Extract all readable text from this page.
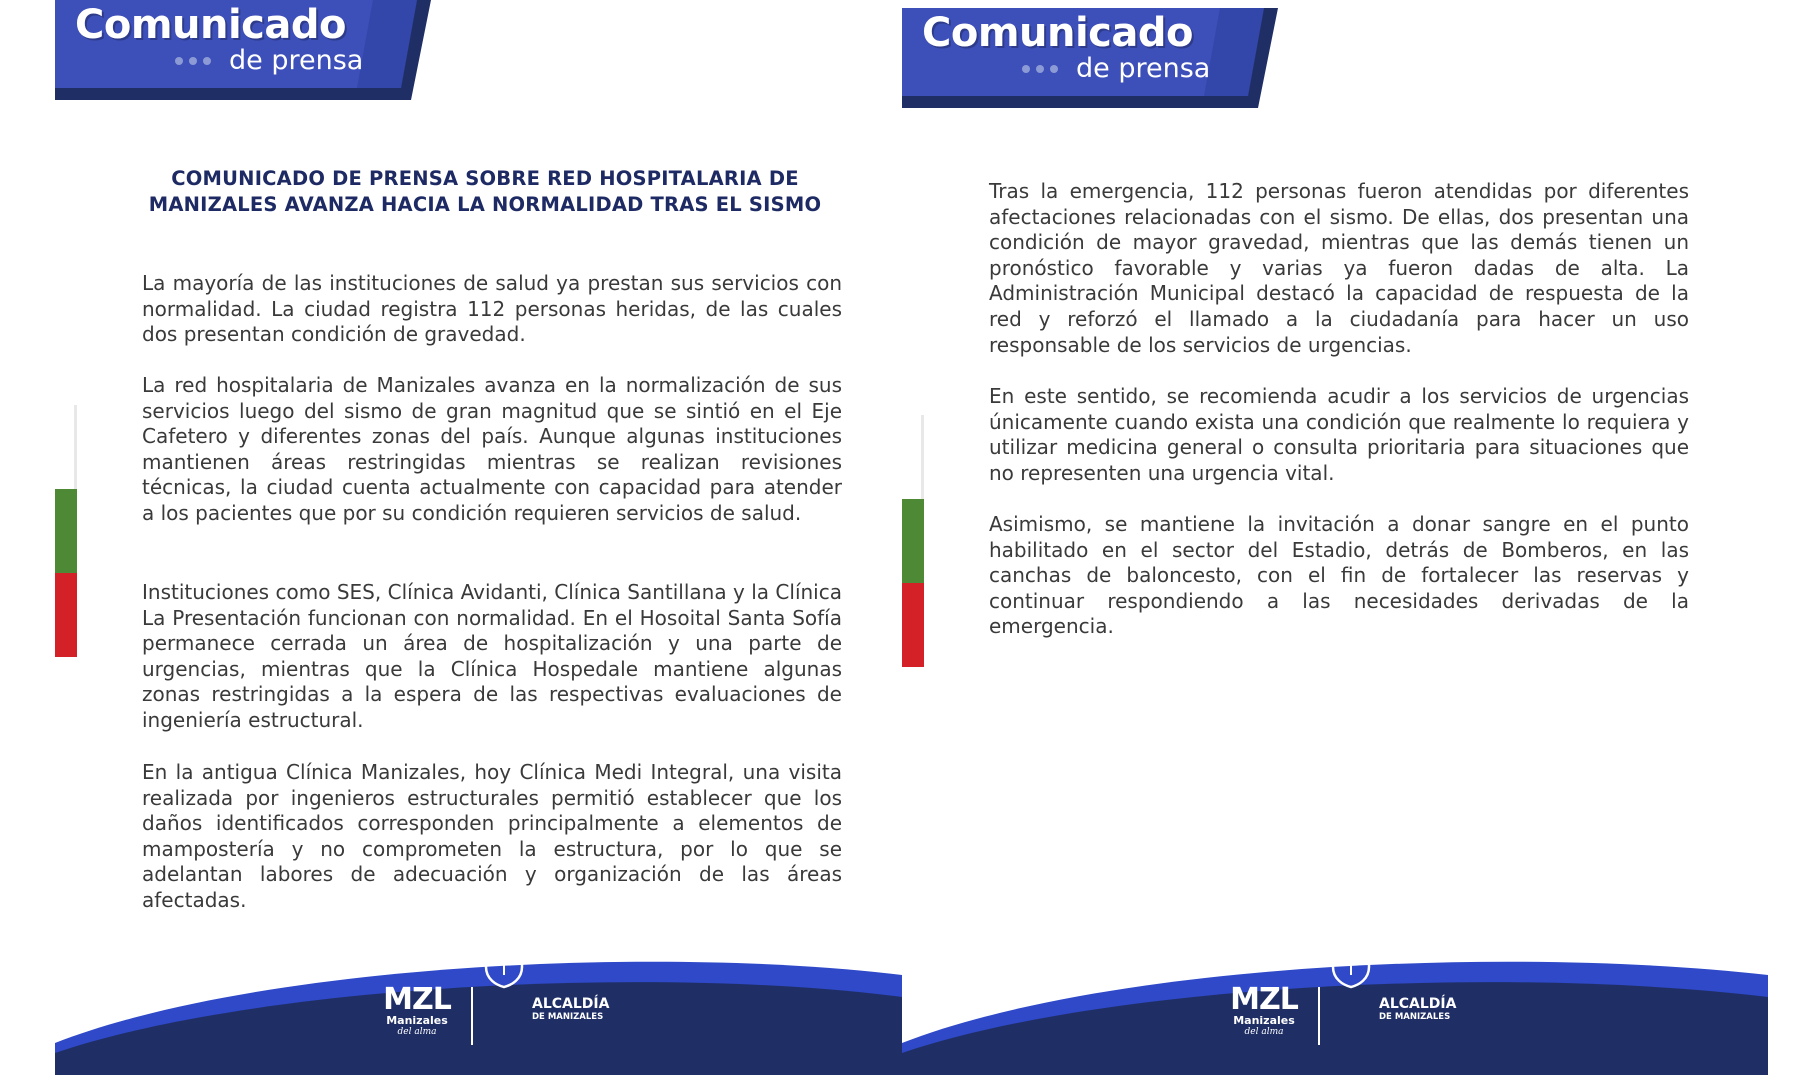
Comunicado
de prensa
COMUNICADO DE PRENSA SOBRE RED HOSPITALARIA DE MANIZALES AVANZA HACIA LA NORMALIDAD TRAS EL SISMO

La mayoría de las instituciones de salud ya prestan sus servicios con normalidad. La ciudad registra 112 personas heridas, de las cuales dos presentan condición de gravedad.

La red hospitalaria de Manizales avanza en la normalización de sus servicios luego del sismo de gran magnitud que se sintió en el Eje Cafetero y diferentes zonas del país. Aunque algunas instituciones mantienen áreas restringidas mientras se realizan revisiones técnicas, la ciudad cuenta actualmente con capacidad para atender a los pacientes que por su condición requieren servicios de salud.

Instituciones como SES, Clínica Avidanti, Clínica Santillana y la Clínica La Presentación funcionan con normalidad. En el Hosoital Santa Sofía permanece cerrada un área de hospitalización y una parte de urgencias, mientras que la Clínica Hospedale mantiene algunas zonas restringidas a la espera de las respectivas evaluaciones de ingeniería estructural.

En la antigua Clínica Manizales, hoy Clínica Medi Integral, una visita realizada por ingenieros estructurales permitió establecer que los daños identificados corresponden principalmente a elementos de mampostería y no comprometen la estructura, por lo que se adelantan labores de adecuación y organización de las áreas afectadas.

MZL
Manizales
del alma
ALCALDÍA
DE MANIZALES
Comunicado
de prensa

Tras la emergencia, 112 personas fueron atendidas por diferentes afectaciones relacionadas con el sismo. De ellas, dos presentan una condición de mayor gravedad, mientras que las demás tienen un pronóstico favorable y varias ya fueron dadas de alta. La Administración Municipal destacó la capacidad de respuesta de la red y reforzó el llamado a la ciudadanía para hacer un uso responsable de los servicios de urgencias.

En este sentido, se recomienda acudir a los servicios de urgencias únicamente cuando exista una condición que realmente lo requiera y utilizar medicina general o consulta prioritaria para situaciones que no representen una urgencia vital.

Asimismo, se mantiene la invitación a donar sangre en el punto habilitado en el sector del Estadio, detrás de Bomberos, en las canchas de baloncesto, con el fin de fortalecer las reservas y continuar respondiendo a las necesidades derivadas de la emergencia.

MZL
Manizales
del alma
ALCALDÍA
DE MANIZALES
